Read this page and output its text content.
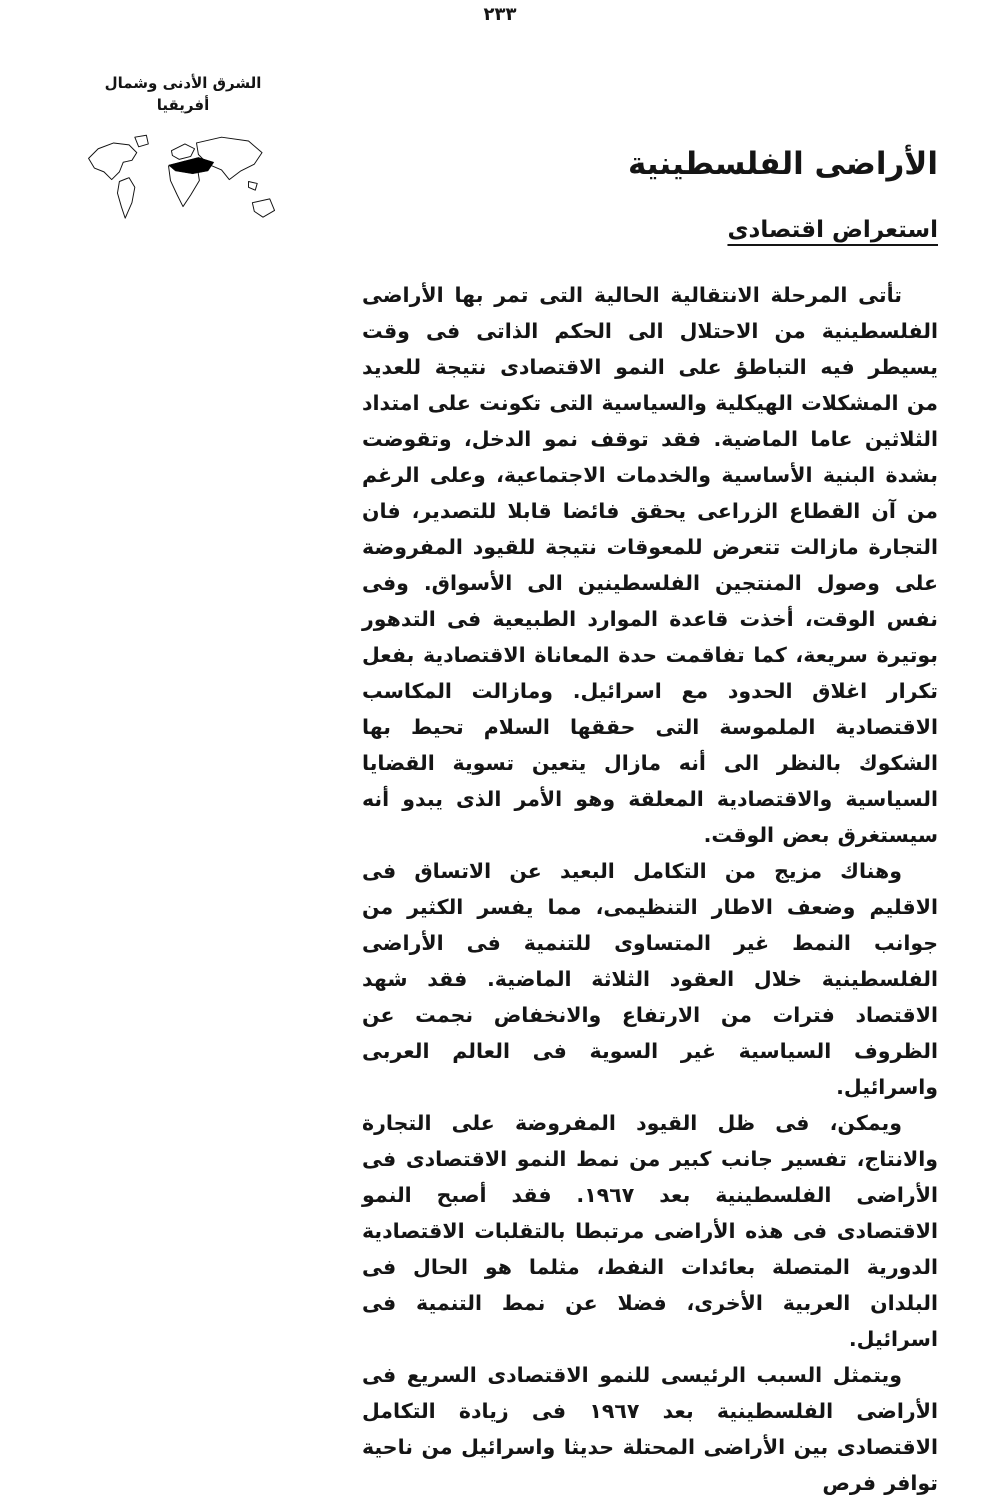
٢٣٣
الشرق الأدنى وشمال
أفريقيا
الأراضى الفلسطينية
استعراض اقتصادى

تأتى المرحلة الانتقالية الحالية التى تمر بها الأراضى الفلسطينية من الاحتلال الى الحكم الذاتى فى وقت يسيطر فيه التباطؤ على النمو الاقتصادى نتيجة للعديد من المشكلات الهيكلية والسياسية التى تكونت على امتداد الثلاثين عاما الماضية. فقد توقف نمو الدخل، وتقوضت بشدة البنية الأساسية والخدمات الاجتماعية، وعلى الرغم من آن القطاع الزراعى يحقق فائضا قابلا للتصدير، فان التجارة مازالت تتعرض للمعوقات نتيجة للقيود المفروضة على وصول المنتجين الفلسطينين الى الأسواق. وفى نفس الوقت، أخذت قاعدة الموارد الطبيعية فى التدهور بوتيرة سريعة، كما تفاقمت حدة المعاناة الاقتصادية بفعل تكرار اغلاق الحدود مع اسرائيل. ومازالت المكاسب الاقتصادية الملموسة التى حققها السلام تحيط بها الشكوك بالنظر الى أنه مازال يتعين تسوية القضايا السياسية والاقتصادية المعلقة وهو الأمر الذى يبدو أنه سيستغرق بعض الوقت.

وهناك مزيج من التكامل البعيد عن الاتساق فى الاقليم وضعف الاطار التنظيمى، مما يفسر الكثير من جوانب النمط غير المتساوى للتنمية فى الأراضى الفلسطينية خلال العقود الثلاثة الماضية. فقد شهد الاقتصاد فترات من الارتفاع والانخفاض نجمت عن الظروف السياسية غير السوية فى العالم العربى واسرائيل.

ويمكن، فى ظل القيود المفروضة على التجارة والانتاج، تفسير جانب كبير من نمط النمو الاقتصادى فى الأراضى الفلسطينية بعد ١٩٦٧. فقد أصبح النمو الاقتصادى فى هذه الأراضى مرتبطا بالتقلبات الاقتصادية الدورية المتصلة بعائدات النفط، مثلما هو الحال فى البلدان العربية الأخرى، فضلا عن نمط التنمية فى اسرائيل.

ويتمثل السبب الرئيسى للنمو الاقتصادى السريع فى الأراضى الفلسطينية بعد ١٩٦٧ فى زيادة التكامل الاقتصادى بين الأراضى المحتلة حديثا واسرائيل من ناحية توافر فرص
